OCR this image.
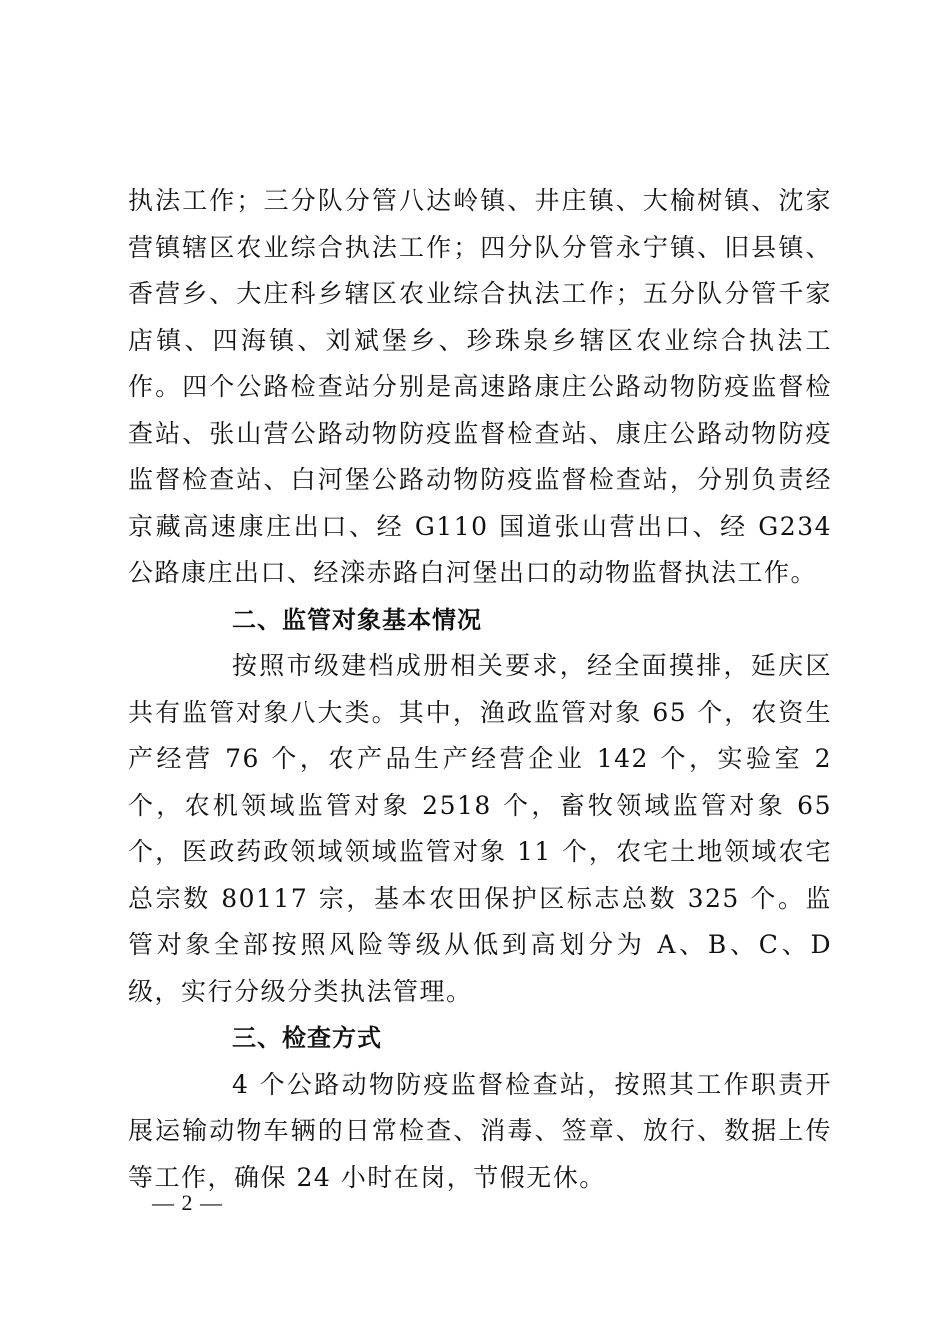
执法工作；三分队分管八达岭镇、井庄镇、大榆树镇、沈家营镇辖区农业综合执法工作；四分队分管永宁镇、旧县镇、香营乡、大庄科乡辖区农业综合执法工作；五分队分管千家店镇、四海镇、刘斌堡乡、珍珠泉乡辖区农业综合执法工作。四个公路检查站分别是高速路康庄公路动物防疫监督检查站、张山营公路动物防疫监督检查站、康庄公路动物防疫监督检查站、白河堡公路动物防疫监督检查站，分别负责经京藏高速康庄出口、经 G110 国道张山营出口、经 G234 公路康庄出口、经滦赤路白河堡出口的动物监督执法工作。

二、监管对象基本情况

按照市级建档成册相关要求，经全面摸排，延庆区共有监管对象八大类。其中，渔政监管对象 65 个，农资生产经营 76 个，农产品生产经营企业 142 个，实验室 2 个，农机领域监管对象 2518 个，畜牧领域监管对象 65 个，医政药政领域领域监管对象 11 个，农宅土地领域农宅总宗数 80117 宗，基本农田保护区标志总数 325 个。监管对象全部按照风险等级从低到高划分为 A、B、C、D 级，实行分级分类执法管理。

三、检查方式

4 个公路动物防疫监督检查站，按照其工作职责开展运输动物车辆的日常检查、消毒、签章、放行、数据上传等工作，确保 24 小时在岗，节假无休。

— 2 —
